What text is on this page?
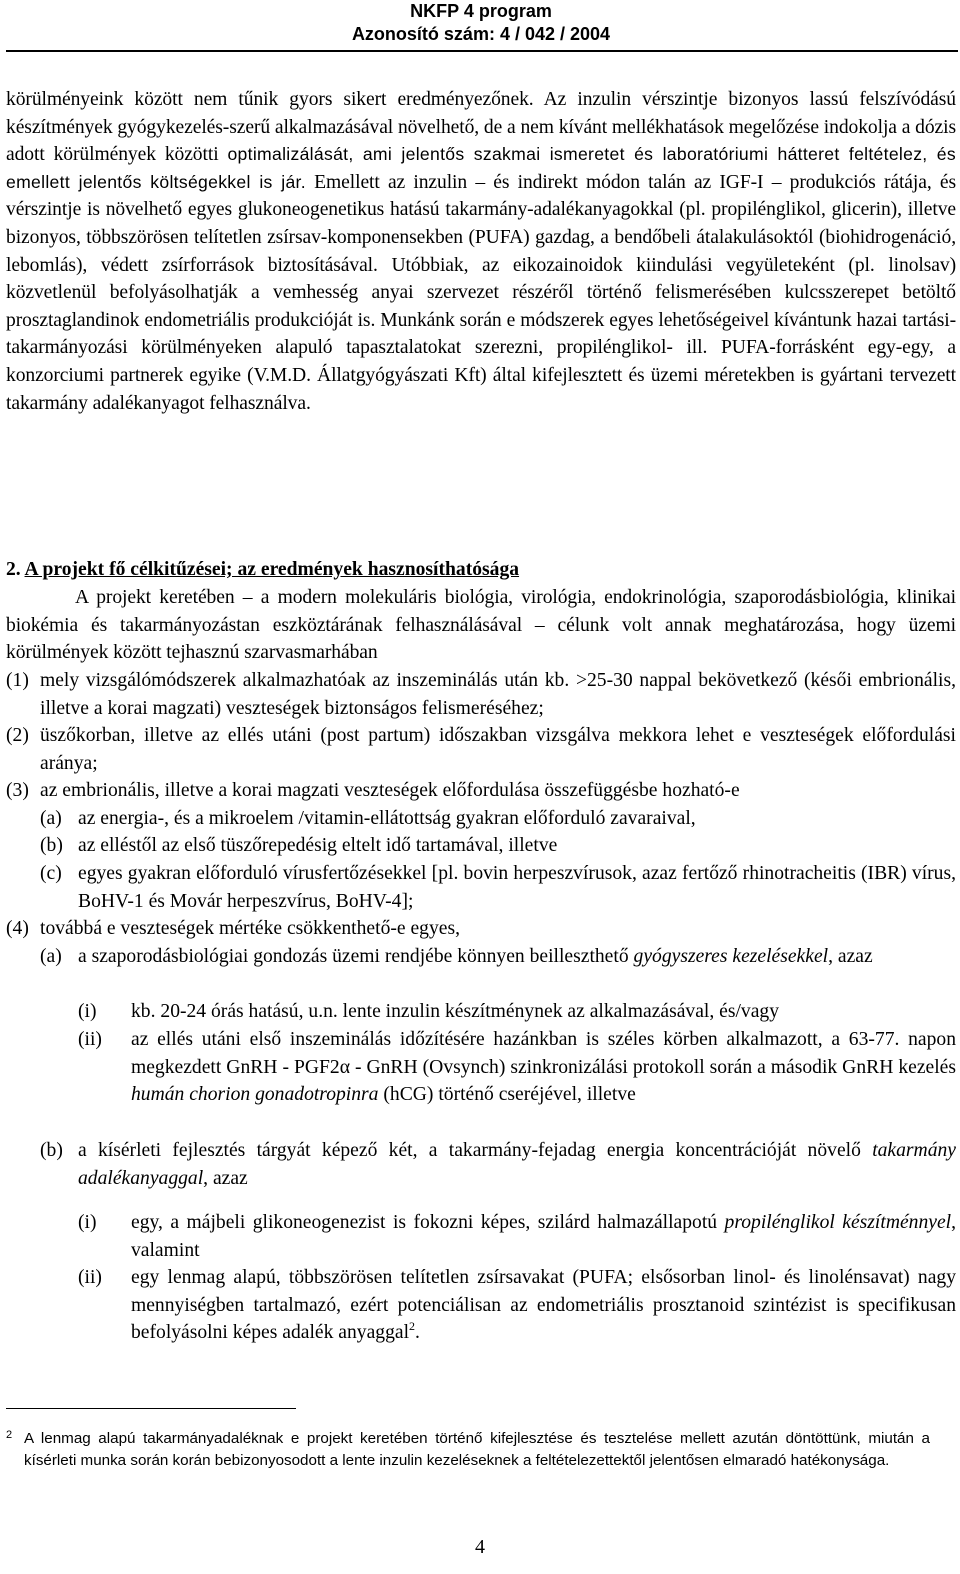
NKFP 4 program
Azonosító szám: 4 / 042 / 2004

körülményeink között nem tűnik gyors sikert eredményezőnek. Az inzulin vérszintje bizonyos lassú felszívódású készítmények gyógykezelés-szerű alkalmazásával növelhető, de a nem kívánt mellékhatások megelőzése indokolja a dózis adott körülmények közötti optimalizálását, ami jelentős szakmai ismeretet és laboratóriumi hátteret feltételez, és emellett jelentős költségekkel is jár. Emellett az inzulin – és indirekt módon talán az IGF-I – produkciós rátája, és vérszintje is növelhető egyes glukoneogenetikus hatású takarmány-adalékanyagokkal (pl. propilénglikol, glicerin), illetve bizonyos, többszörösen telítetlen zsírsav-komponensekben (PUFA) gazdag, a bendőbeli átalakulásoktól (biohidrogenáció, lebomlás), védett zsírforrások biztosításával. Utóbbiak, az eikozainoidok kiindulási vegyületeként (pl. linolsav) közvetlenül befolyásolhatják a vemhesség anyai szervezet részéről történő felismerésében kulcsszerepet betöltő prosztaglandinok endometriális produkcióját is. Munkánk során e módszerek egyes lehetőségeivel kívántunk hazai tartási-takarmányozási körülményeken alapuló tapasztalatokat szerezni, propilénglikol- ill. PUFA-forrásként egy-egy, a konzorciumi partnerek egyike (V.M.D. Állatgyógyászati Kft) által kifejlesztett és üzemi méretekben is gyártani tervezett takarmány adalékanyagot felhasználva.

2. A projekt fő célkitűzései; az eredmények hasznosíthatósága

A projekt keretében – a modern molekuláris biológia, virológia, endokrinológia, szaporodásbiológia, klinikai biokémia és takarmányozástan eszköztárának felhasználásával – célunk volt annak meghatározása, hogy üzemi körülmények között tejhasznú szarvasmarhában

(1) mely vizsgálómódszerek alkalmazhatóak az inszeminálás után kb. >25-30 nappal bekövetkező (késői embrionális, illetve a korai magzati) veszteségek biztonságos felismeréséhez;
(2) üszőkorban, illetve az ellés utáni (post partum) időszakban vizsgálva mekkora lehet e veszteségek előfordulási aránya;
(3) az embrionális, illetve a korai magzati veszteségek előfordulása összefüggésbe hozható-e
(a) az energia-, és a mikroelem /vitamin-ellátottság gyakran előforduló zavaraival,
(b) az elléstől az első tüszőrepedésig eltelt idő tartamával, illetve
(c) egyes gyakran előforduló vírusfertőzésekkel [pl. bovin herpeszvírusok, azaz fertőző rhinotracheitis (IBR) vírus, BoHV-1 és Movár herpeszvírus, BoHV-4];
(4) továbbá e veszteségek mértéke csökkenthető-e egyes,
(a) a szaporodásbiológiai gondozás üzemi rendjébe könnyen beilleszthető gyógyszeres kezelésekkel, azaz
(i) kb. 20-24 órás hatású, u.n. lente inzulin készítménynek az alkalmazásával, és/vagy
(ii) az ellés utáni első inszeminálás időzítésére hazánkban is széles körben alkalmazott, a 63-77. napon megkezdett GnRH - PGF2α - GnRH (Ovsynch) szinkronizálási protokoll során a második GnRH kezelés humán chorion gonadotropinra (hCG) történő cseréjével, illetve
(b) a kísérleti fejlesztés tárgyát képező két, a takarmány-fejadag energia koncentrációját növelő takarmány adalékanyaggal, azaz
(i) egy, a májbeli glikoneogenezist is fokozni képes, szilárd halmazállapotú propilénglikol készítménnyel, valamint
(ii) egy lenmag alapú, többszörösen telítetlen zsírsavakat (PUFA; elsősorban linol- és linolénsavat) nagy mennyiségben tartalmazó, ezért potenciálisan az endometriális prosztanoid szintézist is specifikusan befolyásolni képes adalék anyaggal$^2$.
2 A lenmag alapú takarmányadaléknak e projekt keretében történő kifejlesztése és tesztelése mellett azután döntöttünk, miután a kísérleti munka során korán bebizonyosodott a lente inzulin kezeléseknek a feltételezettektől jelentősen elmaradó hatékonysága.
4
